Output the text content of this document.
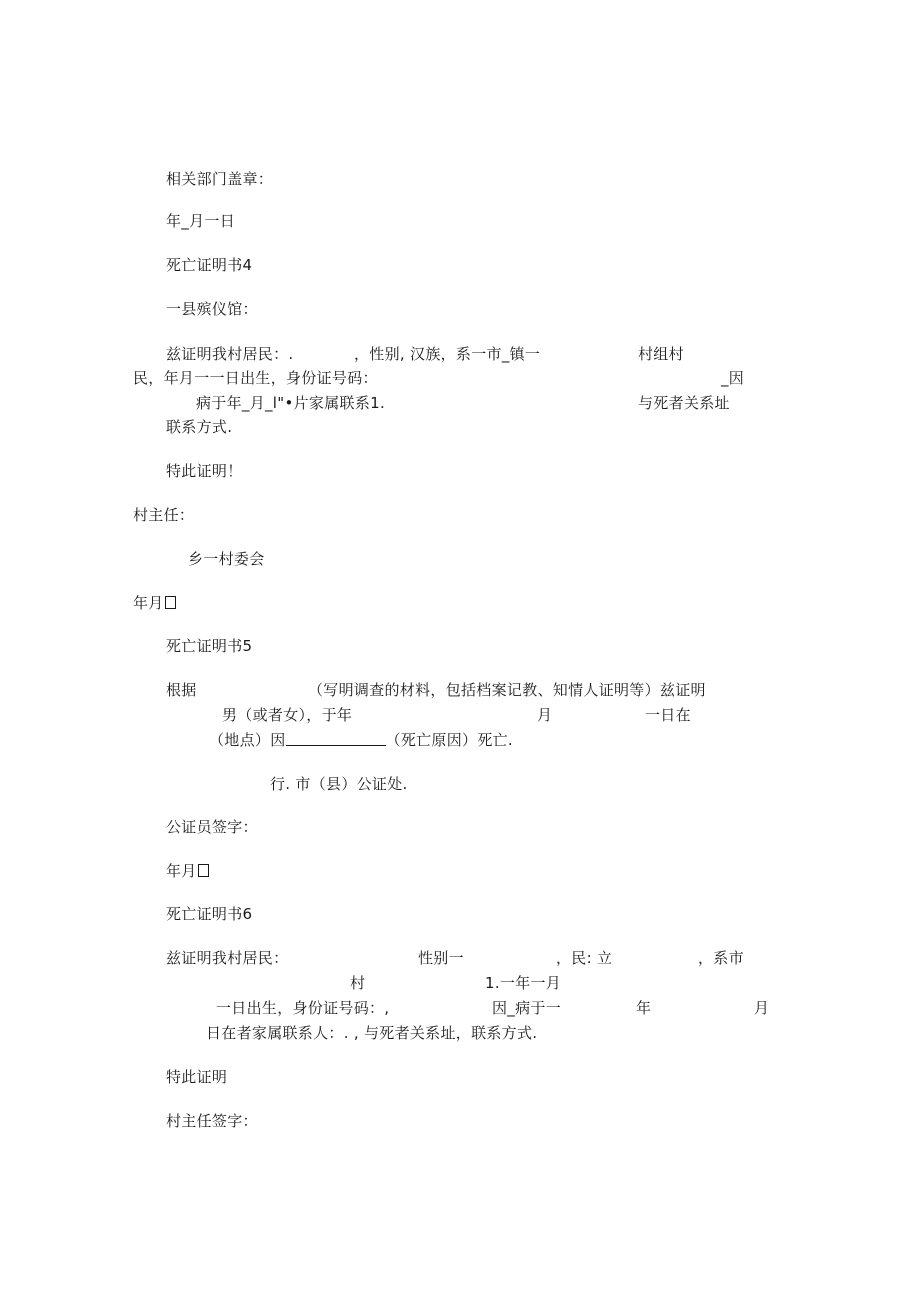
相关部门盖章：
年_月一日
死亡证明书4
一县殡仪馆：
兹证明我村居民：.	，性别, 汉族，系一市_镇一	村组村
民，年月一一日出生，身份证号码：	_因
病于年_月_l"•片家属联系1.	与死者关系址
联系方式.
特此证明！
村主任：
乡一村委会
年月
死亡证明书5
根据	（写明调查的材料，包括档案记教、知情人证明等）兹证明
男（或者女），于年	月	一日在
（地点）因	（死亡原因）死亡.
行. 市（县）公证处.
公证员签字：
年月
死亡证明书6
兹证明我村居民：	性别一	，民: 立	，系市
村	1.一年一月
一日出生，身份证号码：,	因_病于一	年	月
日在者家属联系人：. , 与死者关系址，联系方式.
特此证明
村主任签字：
